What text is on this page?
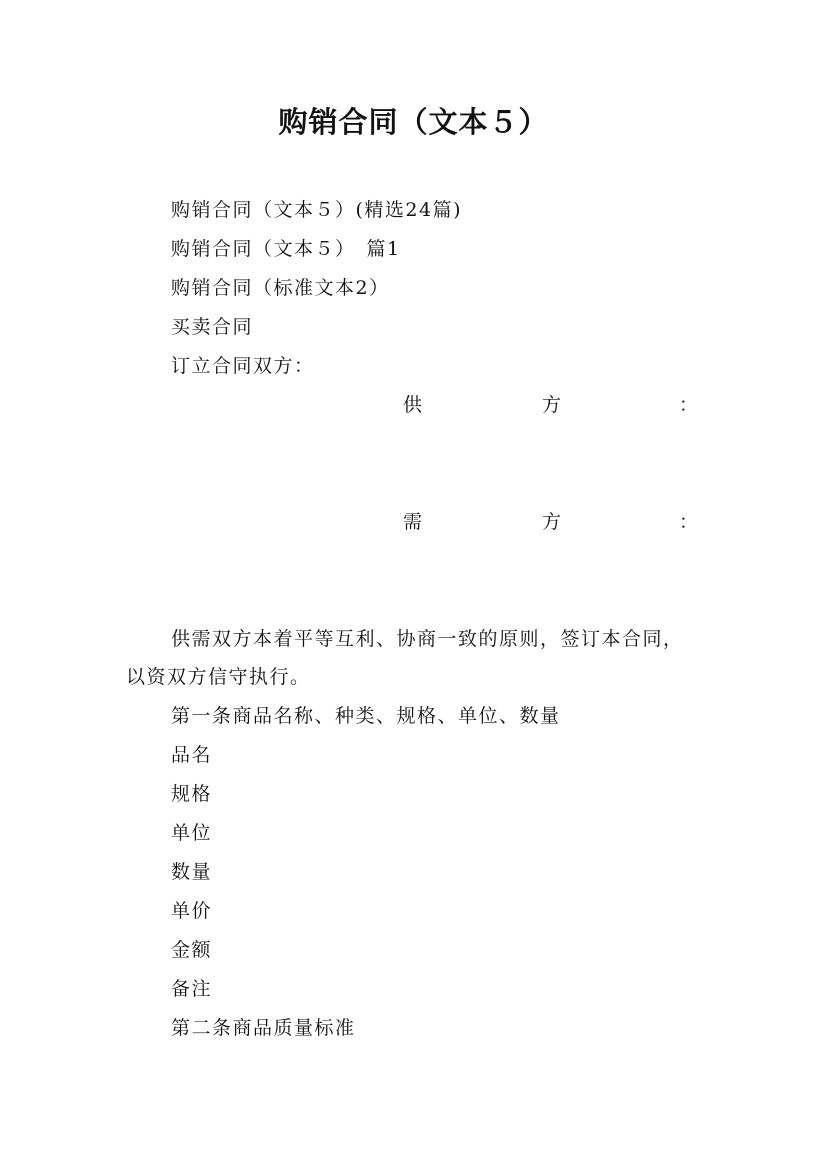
购销合同（文本５）
购销合同（文本５）(精选24篇)
购销合同（文本５）　篇1
购销合同（标准文本2）
买卖合同
订立合同双方：
供	方	：
需	方	：
供需双方本着平等互利、协商一致的原则，签订本合同，
以资双方信守执行。
第一条商品名称、种类、规格、单位、数量
品名
规格
单位
数量
单价
金额
备注
第二条商品质量标准
